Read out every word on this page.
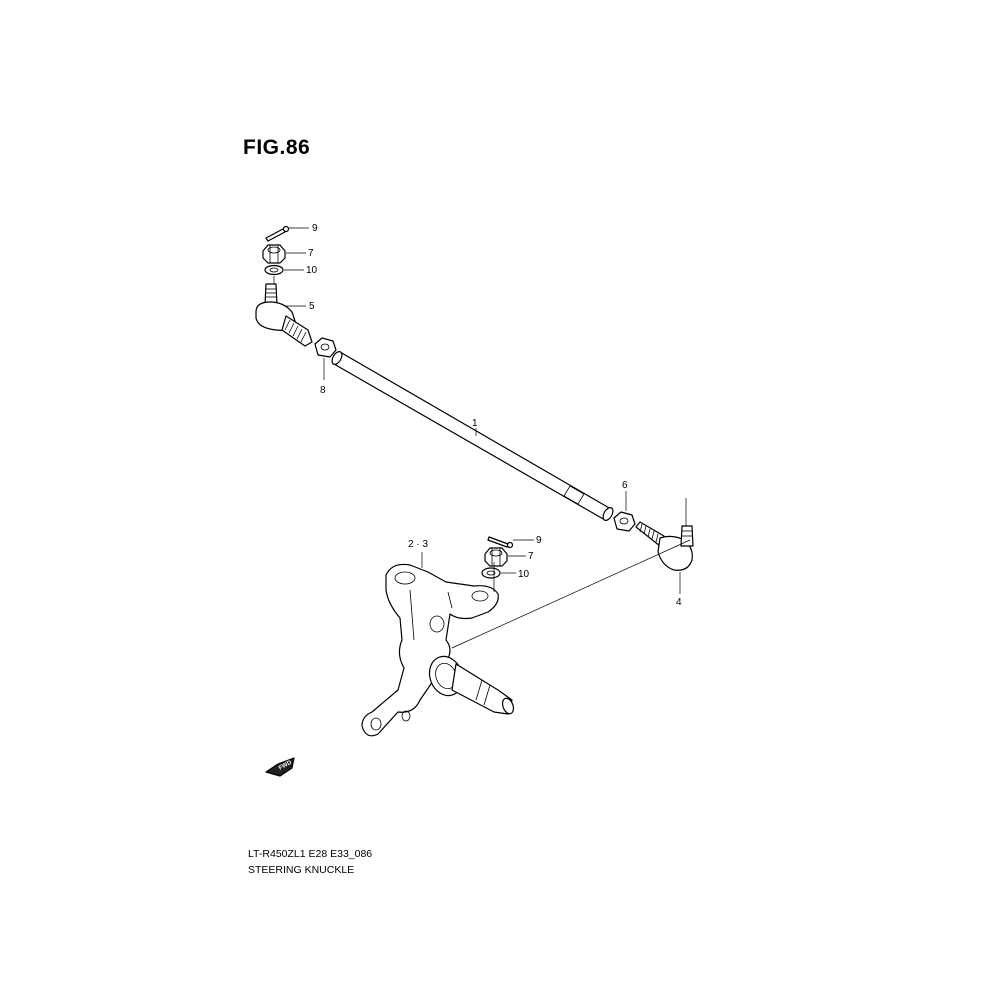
FIG.86
9
7
10
5
8
1
6
4
9
7
10
2 · 3
FWD
LT-R450ZL1 E28 E33_086
STEERING KNUCKLE
